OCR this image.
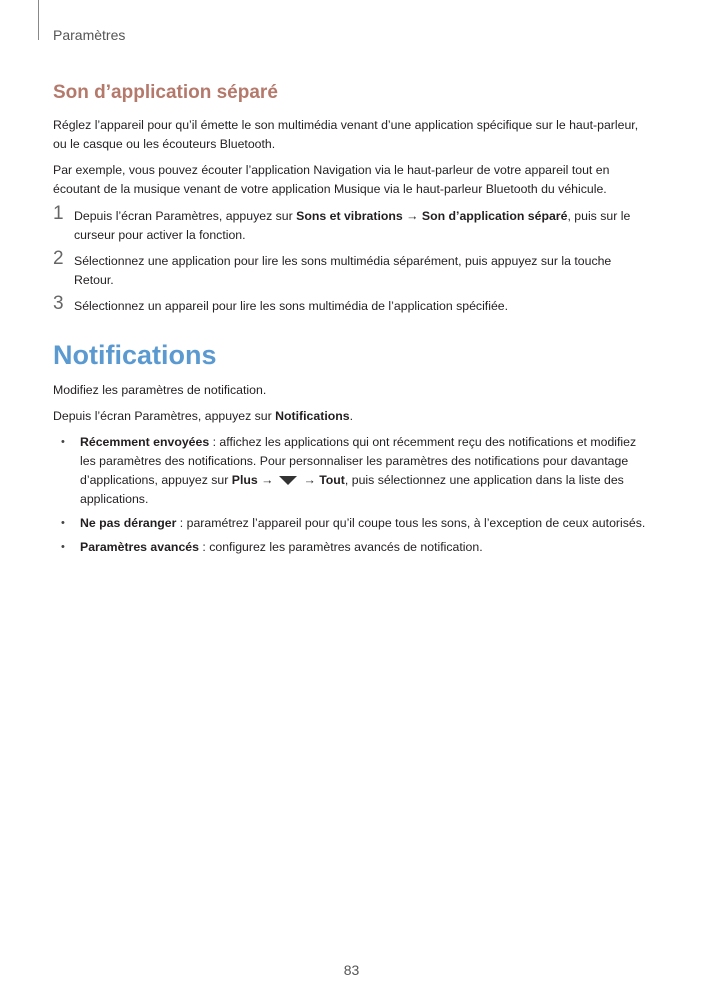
Paramètres
Son d’application séparé

Réglez l’appareil pour qu’il émette le son multimédia venant d’une application spécifique sur le haut-parleur, ou le casque ou les écouteurs Bluetooth.

Par exemple, vous pouvez écouter l’application Navigation via le haut-parleur de votre appareil tout en écoutant de la musique venant de votre application Musique via le haut-parleur Bluetooth du véhicule.

1 Depuis l’écran Paramètres, appuyez sur Sons et vibrations → Son d’application séparé, puis sur le curseur pour activer la fonction.
2 Sélectionnez une application pour lire les sons multimédia séparément, puis appuyez sur la touche Retour.
3 Sélectionnez un appareil pour lire les sons multimédia de l’application spécifiée.
Notifications

Modifiez les paramètres de notification.

Depuis l’écran Paramètres, appuyez sur Notifications.

• Récemment envoyées : affichez les applications qui ont récemment reçu des notifications et modifiez les paramètres des notifications. Pour personnaliser les paramètres des notifications pour davantage d’applications, appuyez sur Plus → → Tout, puis sélectionnez une application dans la liste des applications.
• Ne pas déranger : paramétrez l’appareil pour qu’il coupe tous les sons, à l’exception de ceux autorisés.
• Paramètres avancés : configurez les paramètres avancés de notification.
83
